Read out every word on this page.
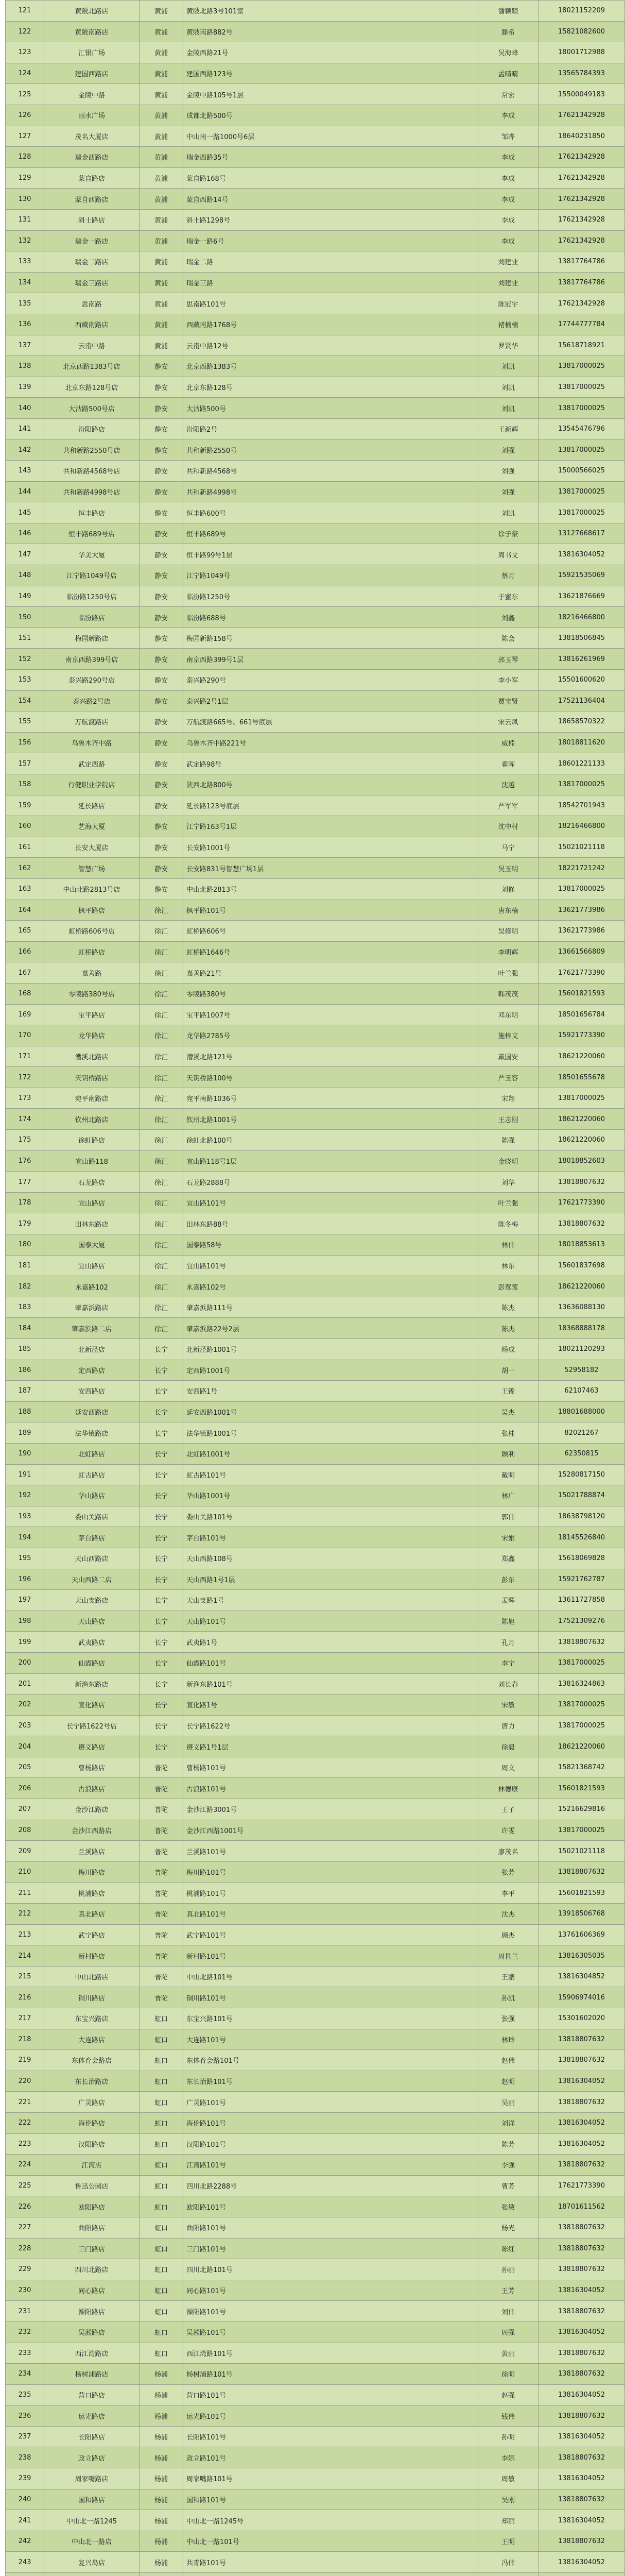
121	黄陂北路店	黄浦	黄陂北路3号101室	潘颖颖	18021152209
122	黄陂南路店	黄浦	黄陂南路882号	滕希	15821082600
123	汇银广场	黄浦	金陵西路21号	吴海峰	18001712988
124	建国西路店	黄浦	建国西路123号	孟晴晴	13565784393
125	金陵中路	黄浦	金陵中路105号1层	常宏	15500049183
126	丽水广场	黄浦	成都北路500号	李成	17621342928
127	茂名大厦店	黄浦	中山南一路1000号6层	邹晔	18640231850
128	瑞金西路店	黄浦	瑞金西路35号	李成	17621342928
129	蒙自路店	黄浦	蒙自路168号	李成	17621342928
130	蒙自西路店	黄浦	蒙自西路14号	李成	17621342928
131	斜土路店	黄浦	斜土路1298号	李成	17621342928
132	瑞金一路店	黄浦	瑞金一路6号	李成	17621342928
133	瑞金二路店	黄浦	瑞金二路	刘建业	13817764786
134	瑞金三路店	黄浦	瑞金三路	刘建业	13817764786
135	思南路	黄浦	思南路101号	陈冠宇	17621342928
136	西藏南路店	黄浦	西藏南路1768号	褚楠楠	17744777784
137	云南中路	黄浦	云南中路12号	罗贤华	15618718921
138	北京西路1383号店	静安	北京西路1383号	刘凯	13817000025
139	北京东路128号店	静安	北京东路128号	刘凯	13817000025
140	大沽路500号店	静安	大沽路500号	刘凯	13817000025
141	汾阳路店	静安	汾阳路2号	王新辉	13545476796
142	共和新路2550号店	静安	共和新路2550号	刘强	13817000025
143	共和新路4568号店	静安	共和新路4568号	刘强	15000566025
144	共和新路4998号店	静安	共和新路4998号	刘强	13817000025
145	恒丰路店	静安	恒丰路600号	刘凯	13817000025
146	恒丰路689号店	静安	恒丰路689号	徐子豪	13127668617
147	华美大厦	静安	恒丰路99号1层	周书文	13816304052
148	江宁路1049号店	静安	江宁路1049号	蔡月	15921535069
149	临汾路1250号店	静安	临汾路1250号	于蜜东	13621876669
150	临汾路店	静安	临汾路688号	刘鑫	18216466800
151	梅园新路店	静安	梅园新路158号	陈会	13818506845
152	南京西路399号店	静安	南京西路399号1层	郭玉琴	13816261969
153	泰兴路290号店	静安	泰兴路290号	李小军	15501600620
154	泰兴路2号店	静安	泰兴路2号1层	贾宝贤	17521136404
155	万航渡路店	静安	万航渡路665号、661号底层	宋云凤	18658570322
156	乌鲁木齐中路	静安	乌鲁木齐中路221号	威楠	18018811620
157	武定西路	静安	武定路98号	翟晖	18601221133
158	行健职业学院店	静安	陕西北路800号	沈越	13817000025
159	延长路店	静安	延长路123号底层	严军军	18542701943
160	艺海大厦	静安	江宁路163号1层	沈中村	18216466800
161	长安大厦店	静安	长安路1001号	马宁	15021021118
162	智慧广场	静安	长安路831号智慧广场1层	吴玉明	18221721242
163	中山北路2813号店	静安	中山北路2813号	刘修	13817000025
164	枫平路店	徐汇	枫平路101号	唐东楠	13621773986
165	虹桥路606号店	徐汇	虹桥路606号	吴修明	13621773986
166	虹桥路店	徐汇	虹桥路1646号	李明辉	13661566809
167	嘉善路	徐汇	嘉善路21号	叶兰强	17621773390
168	零陵路380号店	徐汇	零陵路380号	韩茂茂	15601821593
169	宝平路店	徐汇	宝平路1007号	邓东明	18501656784
170	龙华路店	徐汇	龙华路2785号	施梓文	15921773390
171	漕溪北路店	徐汇	漕溪北路121号	戴国安	18621220060
172	天钥桥路店	徐汇	天钥桥路100号	严玉容	18501655678
173	宛平南路店	徐汇	宛平南路1036号	宋翔	13817000025
174	钦州北路店	徐汇	钦州北路1001号	王志刚	18621220060
175	徐虹路店	徐汇	徐虹北路100号	陈强	18621220060
176	宜山路118	徐汇	宜山路118号1层	金晓明	18018852603
177	石龙路店	徐汇	石龙路2888号	刘华	13818807632
178	宜山路店	徐汇	宜山路101号	叶兰强	17621773390
179	田林东路店	徐汇	田林东路88号	陈冬梅	13818807632
180	国泰大厦	徐汇	国泰路58号	林伟	18018853613
181	宜山路店	徐汇	宜山路101号	林东	15601837698
182	永嘉路102	徐汇	永嘉路102号	彭莺莺	18621220060
183	肇嘉浜路店	徐汇	肇嘉浜路111号	陈杰	13636088130
184	肇嘉浜路二店	徐汇	肇嘉浜路22号2层	陈杰	18368888178
185	北新泾店	长宁	北新泾路1001号	杨成	18021120293
186	定西路店	长宁	定西路1001号	胡一	52958182
187	安西路店	长宁	安西路1号	王锦	62107463
188	延安西路店	长宁	延安西路1001号	吴杰	18801688000
189	法华镇路店	长宁	法华镇路1001号	张桂	82021267
190	北虹路店	长宁	北虹路1001号	顾利	62350815
191	虹古路店	长宁	虹古路101号	戴明	15280817150
192	华山路店	长宁	华山路1001号	林广	15021788874
193	娄山关路店	长宁	娄山关路101号	郭伟	18638798120
194	茅台路店	长宁	茅台路101号	宋娟	18145526840
195	天山西路店	长宁	天山西路108号	郑鑫	15618069828
196	天山西路二店	长宁	天山西路1号1层	彭东	15921762787
197	天山支路店	长宁	天山支路1号	孟辉	13611727858
198	天山路店	长宁	天山路101号	陈旭	17521309276
199	武夷路店	长宁	武夷路1号	孔月	13818807632
200	仙霞路店	长宁	仙霞路101号	李宁	13817000025
201	新渔东路店	长宁	新渔东路101号	刘长春	13816324863
202	宣化路店	长宁	宣化路1号	宋敏	13817000025
203	长宁路1622号店	长宁	长宁路1622号	唐力	13817000025
204	遵义路店	长宁	遵义路1号1层	徐毅	18621220060
205	曹杨路店	普陀	曹杨路101号	周文	15821368742
206	古浪路店	普陀	古浪路101号	林德康	15601821593
207	金沙江路店	普陀	金沙江路3001号	王子	15216629816
208	金沙江西路店	普陀	金沙江西路1001号	许雯	13817000025
209	兰溪路店	普陀	兰溪路101号	廖茂名	15021021118
210	梅川路店	普陀	梅川路101号	张芳	13818807632
211	桃浦路店	普陀	桃浦路101号	李平	15601821593
212	真北路店	普陀	真北路101号	沈杰	13918506768
213	武宁路店	普陀	武宁路101号	顾杰	13761606369
214	新村路店	普陀	新村路101号	周世兰	13816305035
215	中山北路店	普陀	中山北路101号	王鹏	13816304852
216	铜川路店	普陀	铜川路101号	孙凯	15906974016
217	东宝兴路店	虹口	东宝兴路101号	张强	15301602020
218	大连路店	虹口	大连路101号	林玲	13818807632
219	东体育会路店	虹口	东体育会路101号	赵伟	13818807632
220	东长治路店	虹口	东长治路101号	赵明	13816304052
221	广灵路店	虹口	广灵路101号	吴丽	13818807632
222	海伦路店	虹口	海伦路101号	刘洋	13816304052
223	汉阳路店	虹口	汉阳路101号	陈芳	13816304052
224	江湾店	虹口	江湾路101号	李强	13818807632
225	鲁迅公园店	虹口	四川北路2288号	曹芳	17621773390
226	欧阳路店	虹口	欧阳路101号	张敏	18701611562
227	曲阳路店	虹口	曲阳路101号	杨光	13818807632
228	三门路店	虹口	三门路101号	陈红	13818807632
229	四川北路店	虹口	四川北路101号	孙丽	13818807632
230	同心路店	虹口	同心路101号	王芳	13816304052
231	溧阳路店	虹口	溧阳路101号	刘伟	13818807632
232	吴淞路店	虹口	吴淞路101号	周强	13816304052
233	西江湾路店	虹口	西江湾路101号	黄丽	13818807632
234	杨树浦路店	杨浦	杨树浦路101号	徐明	13818807632
235	营口路店	杨浦	营口路101号	赵强	13816304052
236	运光路店	杨浦	运光路101号	钱伟	13818807632
237	长阳路店	杨浦	长阳路101号	孙明	13816304052
238	政立路店	杨浦	政立路101号	李娜	13818807632
239	周家嘴路店	杨浦	周家嘴路101号	周敏	13816304052
240	国和路店	杨浦	国和路101号	吴刚	13818807632
241	中山北一路1245	杨浦	中山北一路1245号	郑丽	13816304052
242	中山北一路店	杨浦	中山北一路101号	王明	13818807632
243	复兴岛店	杨浦	共青路101号	冯伟	13816304052
